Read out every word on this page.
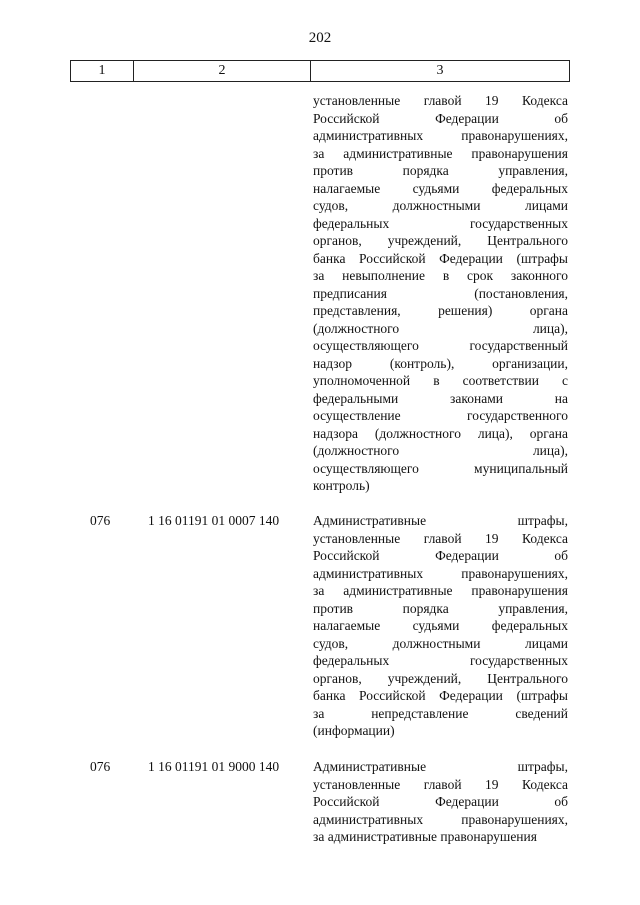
202
1	2	3
установленные главой 19 Кодекса
Российской Федерации об
административных правонарушениях,
за административные правонарушения
против порядка управления,
налагаемые судьями федеральных
судов, должностными лицами
федеральных государственных
органов, учреждений, Центрального
банка Российской Федерации (штрафы
за невыполнение в срок законного
предписания (постановления,
представления, решения) органа
(должностного лица),
осуществляющего государственный
надзор (контроль), организации,
уполномоченной в соответствии с
федеральными законами на
осуществление государственного
надзора (должностного лица), органа
(должностного лица),
осуществляющего муниципальный
контроль)
076	1 16 01191 01 0007 140	Административные штрафы,
установленные главой 19 Кодекса
Российской Федерации об
административных правонарушениях,
за административные правонарушения
против порядка управления,
налагаемые судьями федеральных
судов, должностными лицами
федеральных государственных
органов, учреждений, Центрального
банка Российской Федерации (штрафы
за непредставление сведений
(информации)
076	1 16 01191 01 9000 140	Административные штрафы,
установленные главой 19 Кодекса
Российской Федерации об
административных правонарушениях,
за административные правонарушения
